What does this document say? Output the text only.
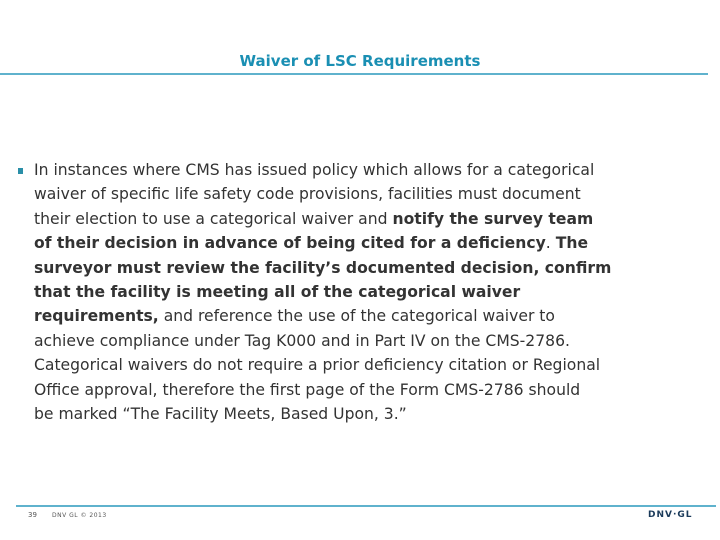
Waiver of LSC Requirements

In instances where CMS has issued policy which allows for a categorical
waiver of specific life safety code provisions, facilities must document
their election to use a categorical waiver and notify the survey team
of their decision in advance of being cited for a deficiency. The
surveyor must review the facility’s documented decision, confirm
that the facility is meeting all of the categorical waiver
requirements, and reference the use of the categorical waiver to
achieve compliance under Tag K000 and in Part IV on the CMS-2786.
Categorical waivers do not require a prior deficiency citation or Regional
Office approval, therefore the first page of the Form CMS-2786 should
be marked “The Facility Meets, Based Upon, 3.”

39	DNV GL © 2013	DNV·GL
